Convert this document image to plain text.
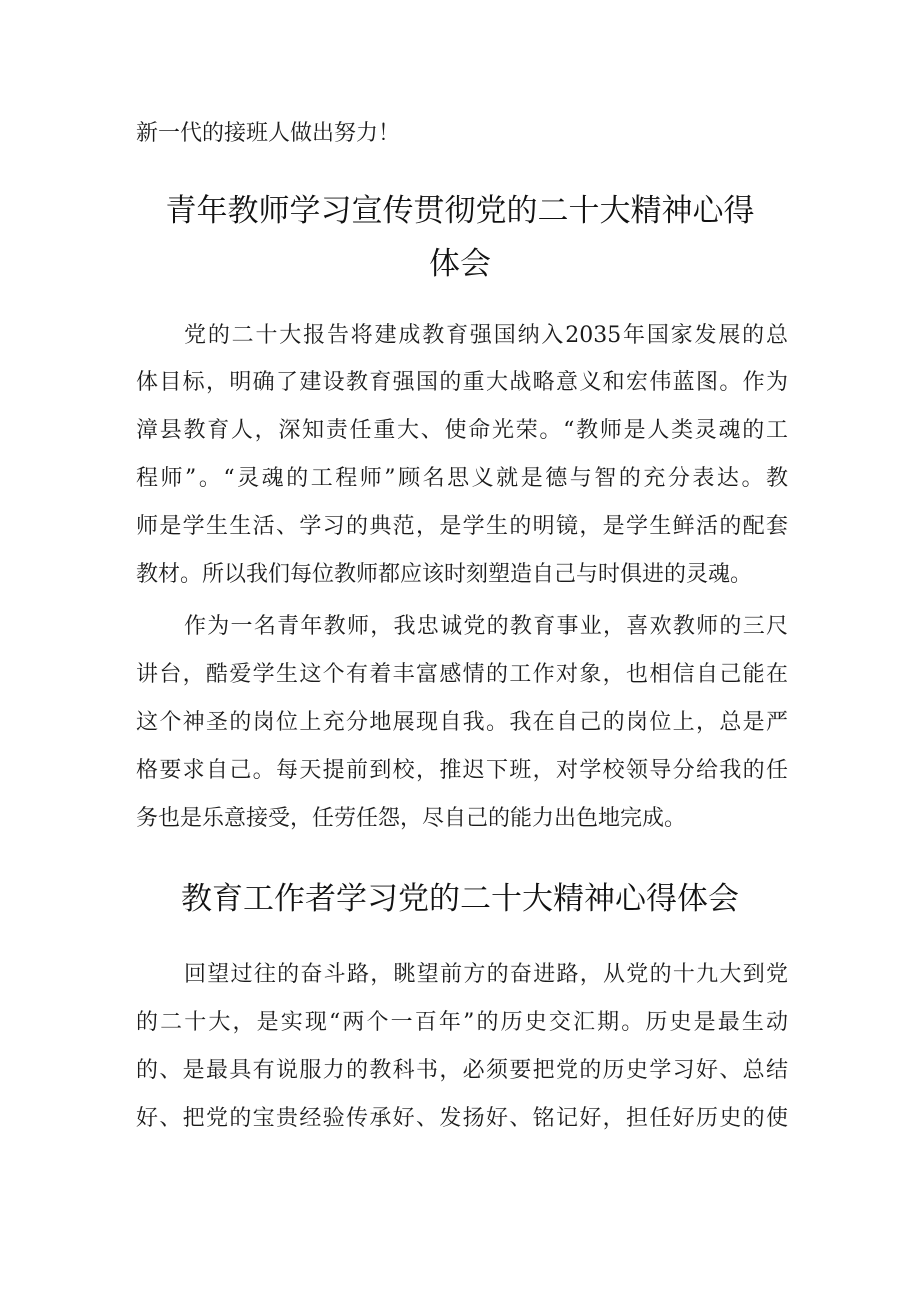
新一代的接班人做出努力！
青年教师学习宣传贯彻党的二十大精神心得
体会
党的二十大报告将建成教育强国纳入2035年国家发展的总
体目标，明确了建设教育强国的重大战略意义和宏伟蓝图。作为
漳县教育人，深知责任重大、使命光荣。“教师是人类灵魂的工
程师”。“灵魂的工程师”顾名思义就是德与智的充分表达。教
师是学生生活、学习的典范，是学生的明镜，是学生鲜活的配套
教材。所以我们每位教师都应该时刻塑造自己与时俱进的灵魂。
作为一名青年教师，我忠诚党的教育事业，喜欢教师的三尺
讲台，酷爱学生这个有着丰富感情的工作对象，也相信自己能在
这个神圣的岗位上充分地展现自我。我在自己的岗位上，总是严
格要求自己。每天提前到校，推迟下班，对学校领导分给我的任
务也是乐意接受，任劳任怨，尽自己的能力出色地完成。
教育工作者学习党的二十大精神心得体会
回望过往的奋斗路，眺望前方的奋进路，从党的十九大到党
的二十大，是实现“两个一百年”的历史交汇期。历史是最生动
的、是最具有说服力的教科书，必须要把党的历史学习好、总结
好、把党的宝贵经验传承好、发扬好、铭记好，担任好历史的使
